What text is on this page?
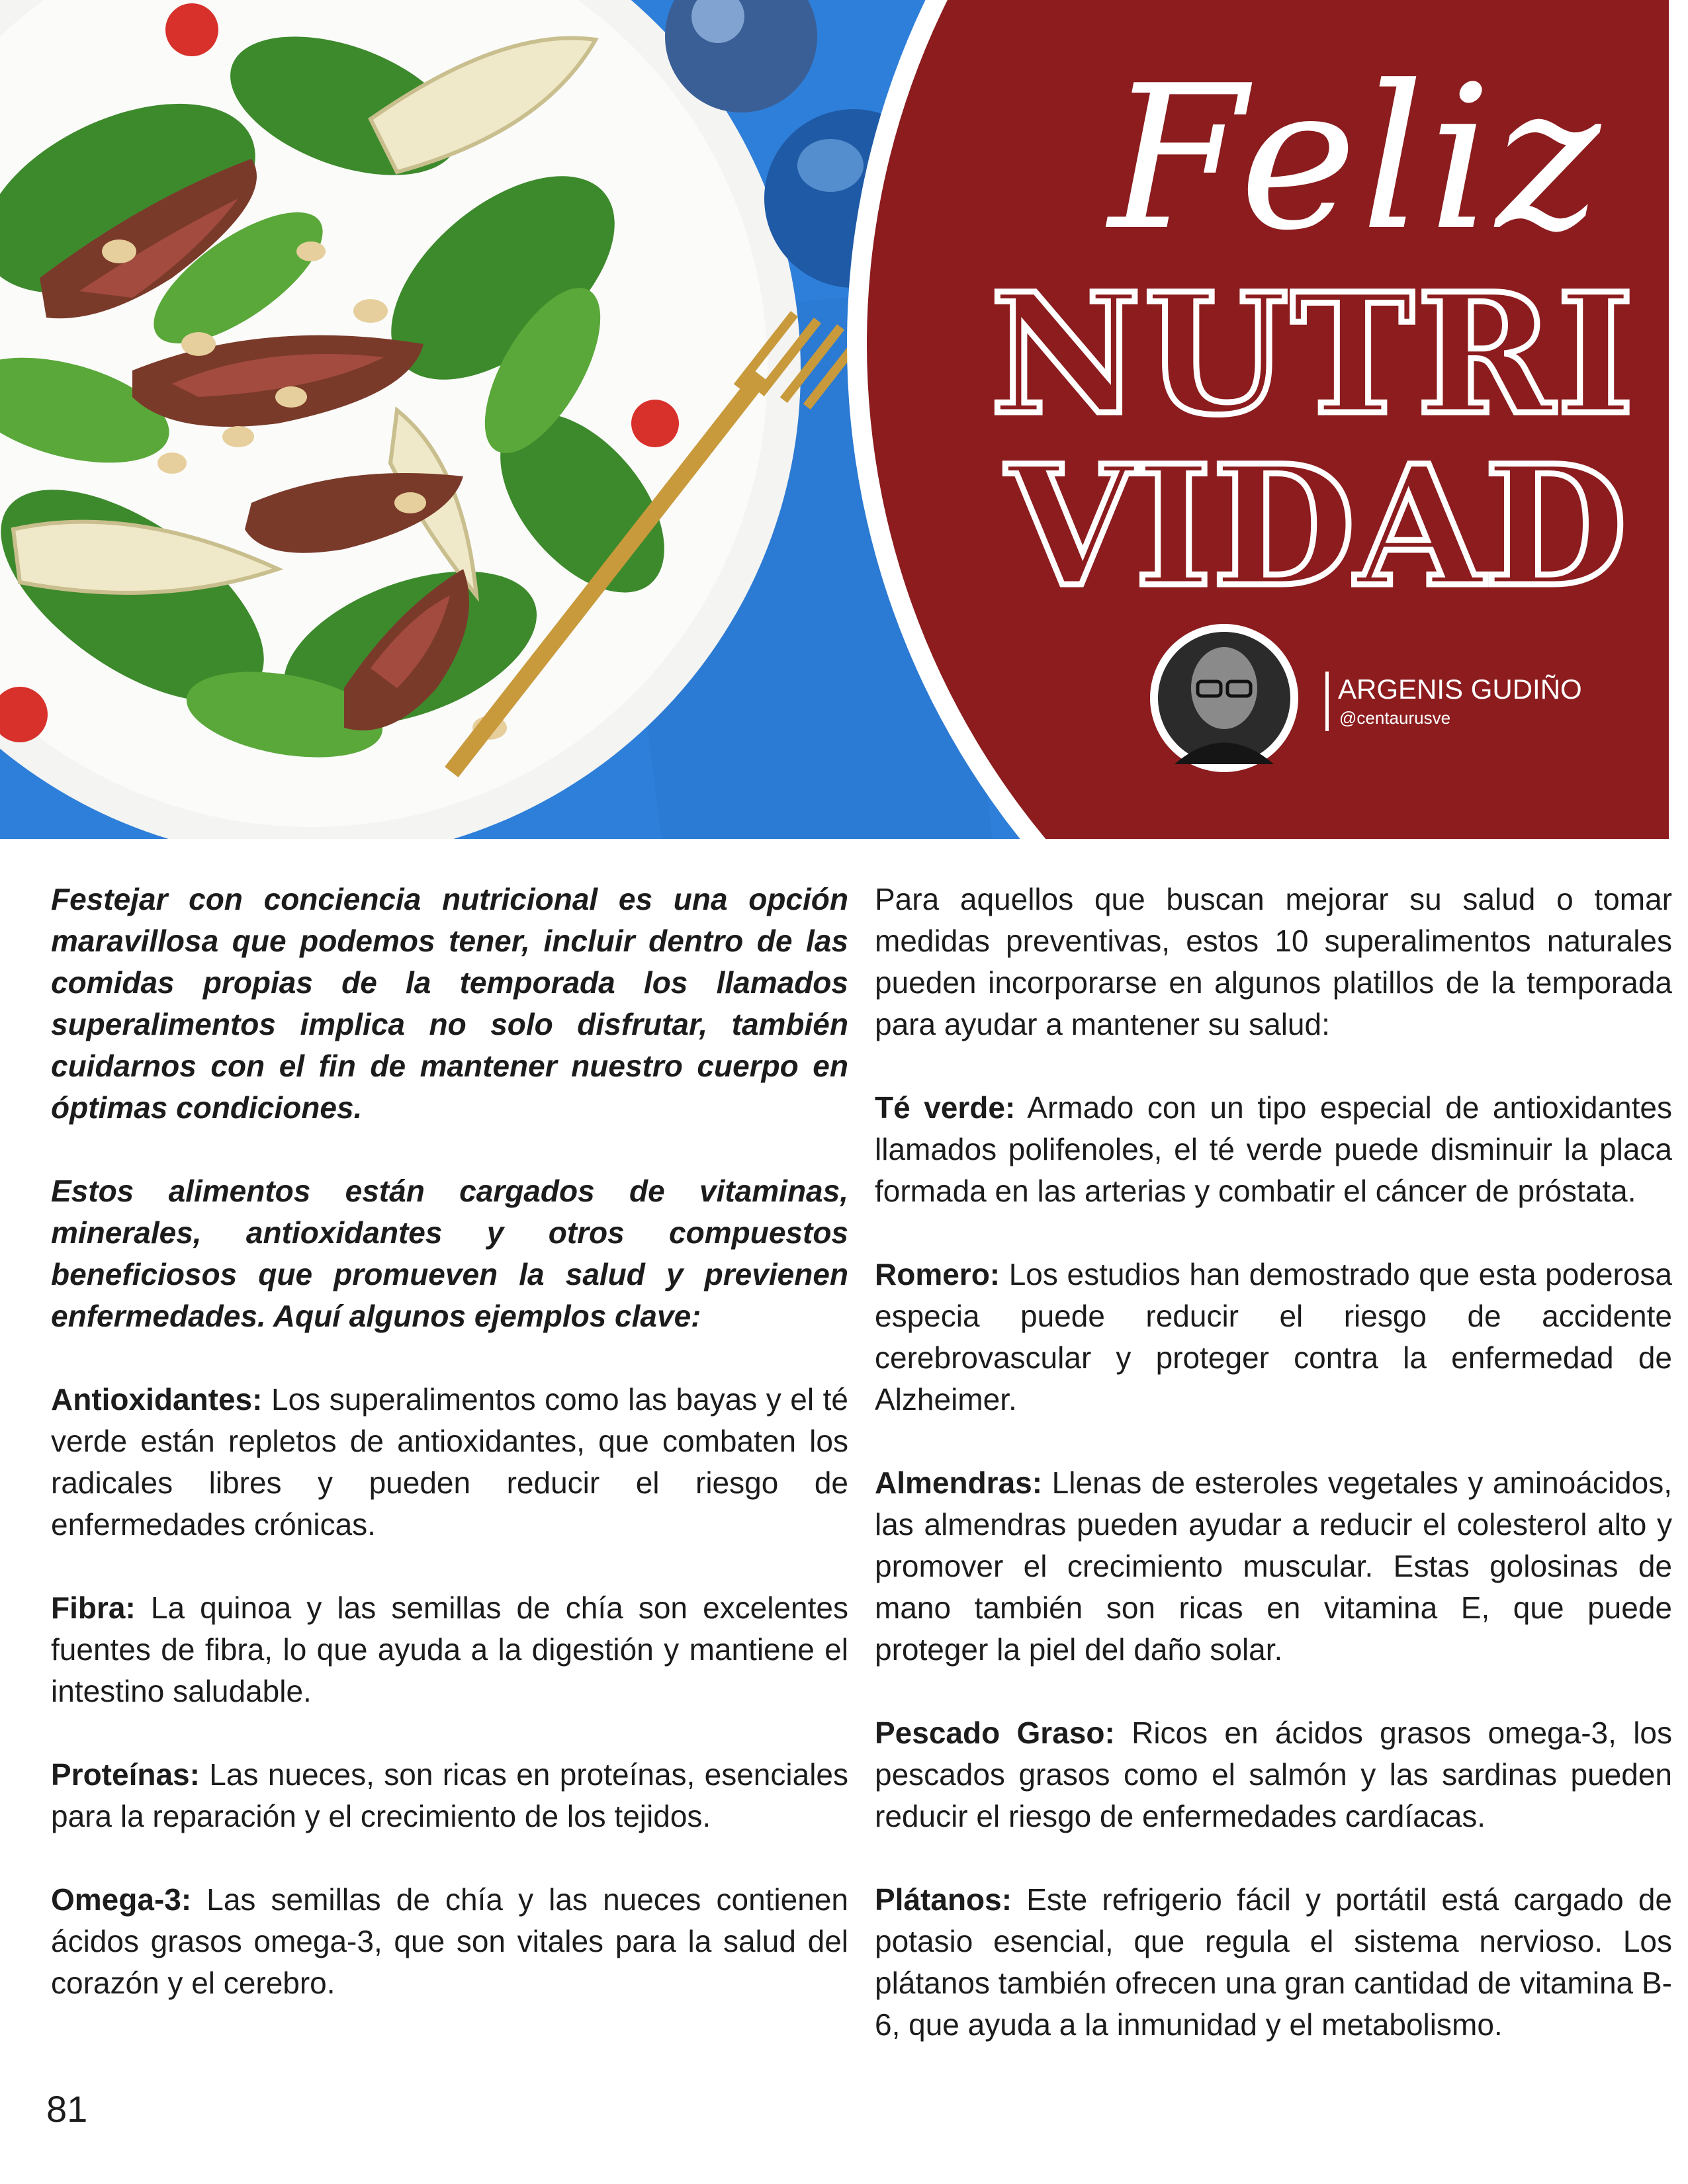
Feliz
NUTRI
VIDAD
ARGENIS GUDIÑO
@centaurusve

Festejar con conciencia nutricional es una opción maravillosa que podemos tener, incluir dentro de las comidas propias de la temporada los llamados superalimentos implica no solo disfrutar, también cuidarnos con el fin de mantener nuestro cuerpo en óptimas condiciones.

Estos alimentos están cargados de vitaminas, minerales, antioxidantes y otros compuestos beneficiosos que promueven la salud y previenen enfermedades. Aquí algunos ejemplos clave:

Antioxidantes: Los superalimentos como las bayas y el té verde están repletos de antioxidantes, que combaten los radicales libres y pueden reducir el riesgo de enfermedades crónicas.

Fibra: La quinoa y las semillas de chía son excelentes fuentes de fibra, lo que ayuda a la digestión y mantiene el intestino saludable.

Proteínas: Las nueces, son ricas en proteínas, esenciales para la reparación y el crecimiento de los tejidos.

Omega-3: Las semillas de chía y las nueces contienen ácidos grasos omega-3, que son vitales para la salud del corazón y el cerebro.

Para aquellos que buscan mejorar su salud o tomar medidas preventivas, estos 10 superalimentos naturales pueden incorporarse en algunos platillos de la temporada para ayudar a mantener su salud:

Té verde: Armado con un tipo especial de antioxidantes llamados polifenoles, el té verde puede disminuir la placa formada en las arterias y combatir el cáncer de próstata.

Romero: Los estudios han demostrado que esta poderosa especia puede reducir el riesgo de accidente cerebrovascular y proteger contra la enfermedad de Alzheimer.

Almendras: Llenas de esteroles vegetales y aminoácidos, las almendras pueden ayudar a reducir el colesterol alto y promover el crecimiento muscular. Estas golosinas de mano también son ricas en vitamina E, que puede proteger la piel del daño solar.

Pescado Graso: Ricos en ácidos grasos omega-3, los pescados grasos como el salmón y las sardinas pueden reducir el riesgo de enfermedades cardíacas.

Plátanos: Este refrigerio fácil y portátil está cargado de potasio esencial, que regula el sistema nervioso. Los plátanos también ofrecen una gran cantidad de vitamina B-6, que ayuda a la inmunidad y el metabolismo.

81
